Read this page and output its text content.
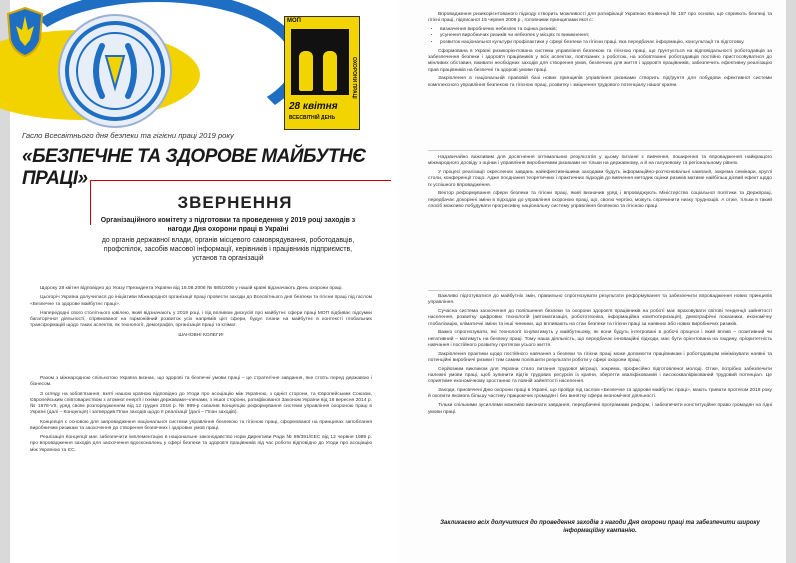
МОП
ОХОРОНИ ПРАЦІ
28 квітня
ВСЕСВІТНІЙ ДЕНЬ
Гасло Всесвітнього дня безпеки та гігієни праці 2019 року
«БЕЗПЕЧНЕ ТА ЗДОРОВЕ МАЙБУТНЄ ПРАЦІ»
ЗВЕРНЕННЯ
Організаційного комітету з підготовки та проведення у 2019 році заходів з нагоди Дня охорони праці в Україні
до органів державної влади, органів місцевого самоврядування, роботодавців, профспілок, засобів масової інформації, керівників і працівників підприємств, установ та організацій

Щороку 28 квітня відповідно до Указу Президента України від 18.08.2006 № 685/2006 у нашій країні відзначають День охорони праці.

Цьогоріч Україна долучилася до ініціативи Міжнародної організації праці провести заходи до Всесвітнього дня безпеки та гігієни праці під гаслом «Безпечне та здорове майбутнє праці».

Напередодні свого столітнього ювілею, який відзначають у 2019 році, і під впливом дискусій про майбутнє сфери праці МОП підбиває підсумки багаторічної діяльності, спрямованої на гармонійний розвиток усіх напрямів цієї сфери, будує плани на майбутнє в контексті глобальних трансформацій щодо таких аспектів, як технології, демографія, організація праці та клімат.

ШАНОВНІ КОЛЕГИ!

Разом з міжнародною спільнотою Україна визнає, що здорові та безпечні умови праці – це стратегічне завдання, яке стоїть перед державою і бізнесом.

З огляду на зобов'язання, взяті нашою країною відповідно до Угоди про асоціацію між Україною, з однієї сторони, та Європейським Союзом, Європейським співтовариством з атомної енергії і їхніми державами-членами, з іншої сторони, ратифікованої Законом України від 16 вересня 2014 р. № 1678-VII, уряд своїм розпорядженням від 12 грудня 2018 р. № 989-р схвалив Концепцію реформування системи управління охороною праці в Україні (далі – Концепція) і затвердив План заходів щодо її реалізації (далі – План заходів).

Концепція є основою для запровадження національної системи управління безпекою та гігієною праці, сформованої на принципах запобігання виробничим ризикам та заохочення до створення безпечних і здорових умов праці.

Реалізація Концепції має забезпечити імплементацію в національне законодавство норм Директиви Ради № 89/391/ЄЕС від 12 червня 1989 р. про впровадження заходів для заохочення вдосконалень у сфері безпеки та здоров'я працівників під час роботи відповідно до Угоди про асоціацію між Україною та ЄС.

Впровадження ризикорієнтованого підходу створить можливості для ратифікації Україною Конвенції № 187 про основи, що сприяють безпеці та гігієні праці, підписаної 15 червня 2006 р., головними принципами якої є:

• визначення виробничих небезпек та оцінка ризиків;
• усунення виробничих ризиків чи небезпек у місцях їх виникнення;
• розвиток національної культури профілактики у сфері безпеки та гігієни праці, яка передбачає інформацію, консультації та підготовку.

Сформована в Україні ризикорієнтована система управління безпекою та гігієною праці, що ґрунтується на відповідальності роботодавців за забезпечення безпеки і здоров'я працівників у всіх аспектах, пов'язаних з роботою, на зобов'язанні роботодавців постійно пристосовуватися до мінливих обставин, вживати необхідних заходів для створення умов, безпечних для життя і здоров'я працівників, забезпечить ефективну реалізацію прав працівників на безпечні та здорові умови праці.

Закріплення в національній правовій базі нових принципів управління ризиками створить підґрунтя для побудови ефективної системи комплексного управління безпекою та гігієною праці, розвитку і зміцнення трудового потенціалу нашої країни.

Надзвичайно важливим для досягнення оптимальних результатів у цьому питанні є вивчення, поширення та впровадження найкращого міжнародного досвіду з оцінки і управління виробничими ризиками не тільки на державному, а й на галузевому та регіональному рівнях.

У процесі реалізації окреслених завдань найефективнішими заходами будуть інформаційно-роз'яснювальні кампанії, зокрема семінари, круглі столи, конференції тощо. Адже поєднання теоретичних і практичних підходів до вивчення методик оцінки ризиків матиме найбільш дієвий ефект щодо їх успішного впровадження.

Вектор реформування сфери безпеки та гігієни праці, який визначив уряд і впроваджують Міністерство соціальної політики та Держпраці, передбачає докорінні зміни в підходах до управління охороною праці, що, своєю чергою, можуть спричинити низку труднощів. А отже, тільки в такий спосіб можливо побудувати прогресивну національну систему управління безпекою та гігієною праці.

Важливо підготуватися до майбутніх змін, правильно спрогнозувати результати реформування та забезпечити впровадження нових принципів управління.

Сучасна система заохочення до поліпшення безпеки та охорони здоров'я працівників на роботі має враховувати світові тенденції зайнятості населення, розвитку цифрових технологій (автоматизація, робототехніка, інформаційна комп'ютеризація), демографічні показники, економічну глобалізацію, кліматичні зміни та інші чинники, що впливають на стан безпеки та гігієни праці за наявних або нових виробничих ризиків.

Важко спрогнозувати, які технології існуватимуть у майбутньому, як вони будуть інтегровані в робочі процеси і який вплив – позитивний чи негативний – матимуть на безпеку праці. Тому наша діяльність, що передбачає інноваційні підходи, має бути орієнтована на людину, пріоритетність навчання і постійного розвитку протягом усього життя.

Закріплення практики щодо постійного навчання з безпеки та гігієни праці може допомогти працівникам і роботодавцям мінімізувати наявні та потенційні виробничі ризики і тим самим поліпшити результати роботи у сфері охорони праці.

Серйозним викликом для України стало питання трудової міграції, зокрема, професійно підготовленої молоді. Отже, потрібно забезпечити належні умови праці, щоб зупинити відтік трудових ресурсів із країни, зберегти кваліфікований і висококваліфікований трудовий потенціал. Це сприятиме економічному зростанню та повній зайнятості населення.

Заходи, присвячені Дню охорони праці в Україні, що пройде під гаслом «Безпечне та здорове майбутнє праці», мають тривати протягом 2019 року й охопити якомога більшу частину працюючих громадян і без винятку сфери економічної діяльності.

Тільки спільними зусиллями можливо виконати завдання, передбачені програмами реформ, і забезпечити конституційне право громадян на гідні умови праці.

Закликаємо всіх долучитися до проведення заходів з нагоди Дня охорони праці та забезпечити широку інформаційну кампанію.
